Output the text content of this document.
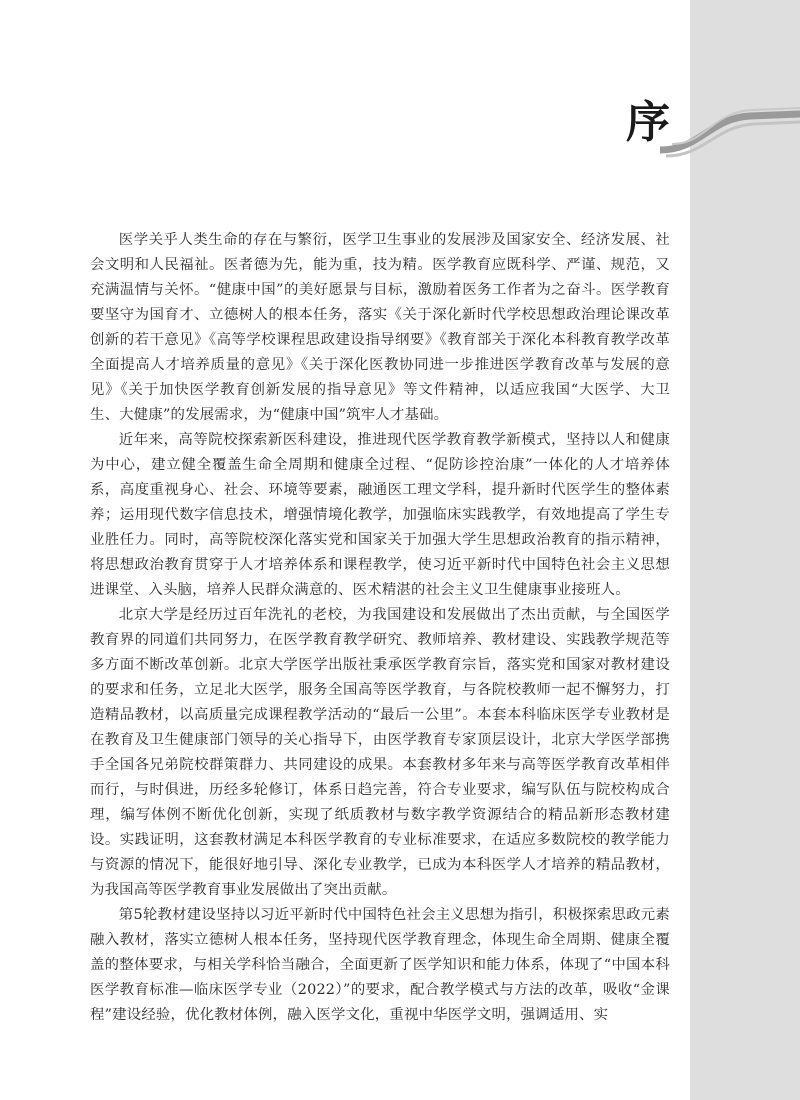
序

医学关乎人类生命的存在与繁衍，医学卫生事业的发展涉及国家安全、经济发展、社会文明和人民福祉。医者德为先，能为重，技为精。医学教育应既科学、严谨、规范，又充满温情与关怀。“健康中国”的美好愿景与目标，激励着医务工作者为之奋斗。医学教育要坚守为国育才、立德树人的根本任务，落实《关于深化新时代学校思想政治理论课改革创新的若干意见》《高等学校课程思政建设指导纲要》《教育部关于深化本科教育教学改革全面提高人才培养质量的意见》《关于深化医教协同进一步推进医学教育改革与发展的意见》《关于加快医学教育创新发展的指导意见》等文件精神，以适应我国“大医学、大卫生、大健康”的发展需求，为“健康中国”筑牢人才基础。

近年来，高等院校探索新医科建设，推进现代医学教育教学新模式，坚持以人和健康为中心，建立健全覆盖生命全周期和健康全过程、“促防诊控治康”一体化的人才培养体系，高度重视身心、社会、环境等要素，融通医工理文学科，提升新时代医学生的整体素养；运用现代数字信息技术，增强情境化教学，加强临床实践教学，有效地提高了学生专业胜任力。同时，高等院校深化落实党和国家关于加强大学生思想政治教育的指示精神，将思想政治教育贯穿于人才培养体系和课程教学，使习近平新时代中国特色社会主义思想进课堂、入头脑，培养人民群众满意的、医术精湛的社会主义卫生健康事业接班人。

北京大学是经历过百年洗礼的老校，为我国建设和发展做出了杰出贡献，与全国医学教育界的同道们共同努力，在医学教育教学研究、教师培养、教材建设、实践教学规范等多方面不断改革创新。北京大学医学出版社秉承医学教育宗旨，落实党和国家对教材建设的要求和任务，立足北大医学，服务全国高等医学教育，与各院校教师一起不懈努力，打造精品教材，以高质量完成课程教学活动的“最后一公里”。本套本科临床医学专业教材是在教育及卫生健康部门领导的关心指导下，由医学教育专家顶层设计，北京大学医学部携手全国各兄弟院校群策群力、共同建设的成果。本套教材多年来与高等医学教育改革相伴而行，与时俱进，历经多轮修订，体系日趋完善，符合专业要求，编写队伍与院校构成合理，编写体例不断优化创新，实现了纸质教材与数字教学资源结合的精品新形态教材建设。实践证明，这套教材满足本科医学教育的专业标准要求，在适应多数院校的教学能力与资源的情况下，能很好地引导、深化专业教学，已成为本科医学人才培养的精品教材，为我国高等医学教育事业发展做出了突出贡献。

第5轮教材建设坚持以习近平新时代中国特色社会主义思想为指引，积极探索思政元素融入教材，落实立德树人根本任务，坚持现代医学教育理念，体现生命全周期、健康全覆盖的整体要求，与相关学科恰当融合，全面更新了医学知识和能力体系，体现了“中国本科医学教育标准—临床医学专业（2022）”的要求，配合教学模式与方法的改革，吸收“金课程”建设经验，优化教材体例，融入医学文化，重视中华医学文明，强调适用、实
